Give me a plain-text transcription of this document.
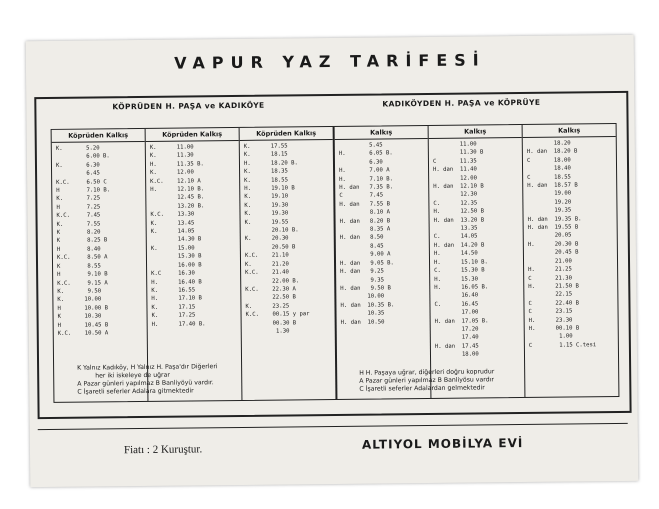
VAPUR YAZ TARİFESİ
KÖPRÜDEN H. PAŞA ve KADIKÖYE	KADIKÖYDEN H. PAŞA ve KÖPRÜYE
Köprüden Kalkış
K.       5.20
6.00 B.
K.       6.30
6.45
K.C.     6.50 C
H        7.10 B.
K.       7.25
H        7.25
K.C.     7.45
K.       7.55
K        8.20
K        8.25 B
H        8.40
K.C.     8.50 A
K        8.55
H        9.10 B
K.C.     9.15 A
K.       9.50
K.      10.00
H       10.00 B
K       10.30
H       10.45 B
K.C.    10.50 A
Köprüden Kalkış
K.      11.00
K.      11.30
H.      11.35 B.
K.      12.00
K.C.    12.10 A
H.      12.10 B.
12.45 B.
13.20 B.
K.C.    13.30
K.      13.45
K.      14.05
14.30 B
K.      15.00
15.30 B
16.00 B
K.C     16.30
H.      16.40 B
K.      16.55
H.      17.10 B
K.      17.15
K.      17.25
H.      17.40 B.
Köprüden Kalkış
K.      17.55
K.      18.15
H.      18.20 B.
K.      18.35
K.      18.55
H.      19.10 B
K.      19.10
K.      19.30
K.      19.30
K.      19.55
20.10 B.
K.      20.30
20.50 B
K.C.    21.10
K.      21.20
K.C.    21.40
22.00 B.
K.C.    22.30 A
22.50 B
K.      23.25
K.C.    00.15 y par
00.30 B
1.30
Kalkış
5.45
H.       6.05 B.
6.30
H.       7.00 A
H.       7.10 B.
H. dan   7.35 B.
C        7.45
H. dan   7.55 B
8.10 A
H. dan   8.20 B
8.35 A
H. dan   8.50
8.45
9.00 A
H. dan   9.05 B.
H. dan   9.25
9.35
H. dan   9.50 B
10.00
H. dan  10.35 B.
10.35
H. dan  10.50
Kalkış
11.00
11.30 B
C       11.35
H. dan  11.40
12.00
H. dan  12.10 B
12.30
C.      12.35
H.      12.50 B
H. dan  13.20 B
13.35
C.      14.05
H. dan  14.20 B
H.      14.50
H.      15.10 B.
C.      15.30 B
H.      15.30
H.      16.05 B.
16.40
C.      16.45
17.00
H. dan  17.05 B.
17.20
17.40
H. dan  17.45
18.00
Kalkış
18.20
H. dan  18.20 B
C       18.00
18.40
C       18.55
H. dan  18.57 B
19.00
19.20
19.35
H. dan  19.35 B.
H. dan  19.55 B
20.05
H.      20.30 B
20.45 B
21.00
H.      21.25
C       21.30
H.      21.50 B
22.15
C       22.40 B
C       23.15
H.      23.30
H.      00.10 B
1.00
C        1.15 C.tesi
K Yalnız Kadıköy, H Yalnız H. Paşa'dır Diğerleri
her iki iskeleye de uğrar
A Pazar günleri yapılmaz B Banliyöyü vardır.
C İşaretli seferler Adalara gitmektedir
H H. Paşaya uğrar, diğerleri doğru koprudur
A Pazar günleri yapılmaz B Banliyösu vardır
C İşaretli seferler Adalardan gelmektedir
Fiatı : 2 Kuruştur.	ALTIYOL MOBİLYA EVİ
